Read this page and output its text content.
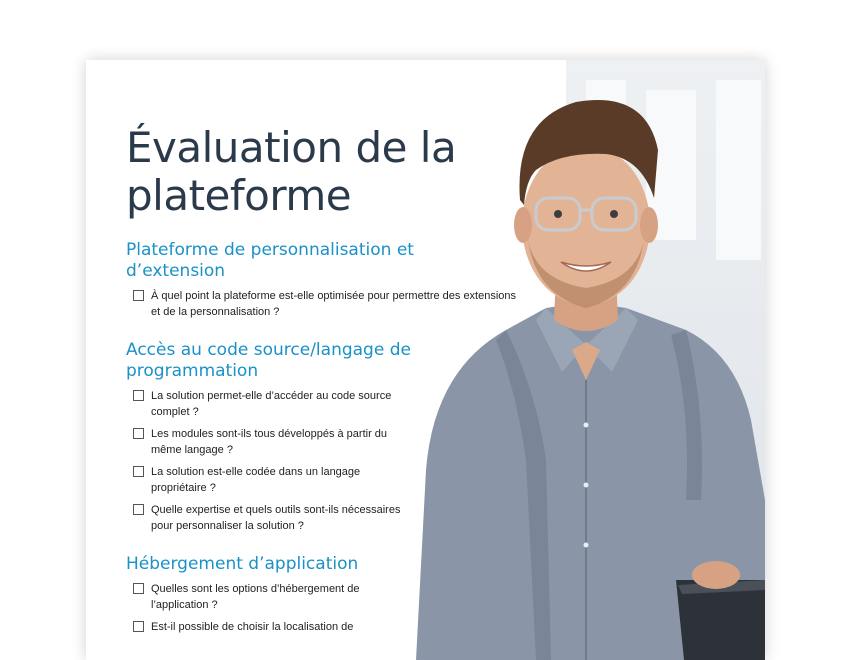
Évaluation de la plateforme
Plateforme de personnalisation et d’extension
À quel point la plateforme est-elle optimisée pour permettre des extensions et de la personnalisation ?
Accès au code source/langage de programmation
La solution permet-elle d’accéder au code source complet ?
Les modules sont-ils tous développés à partir du même langage ?
La solution est-elle codée dans un langage propriétaire ?
Quelle expertise et quels outils sont-ils nécessaires pour personnaliser la solution ?
Hébergement d’application
Quelles sont les options d’hébergement de l’application ?
Est-il possible de choisir la localisation de
